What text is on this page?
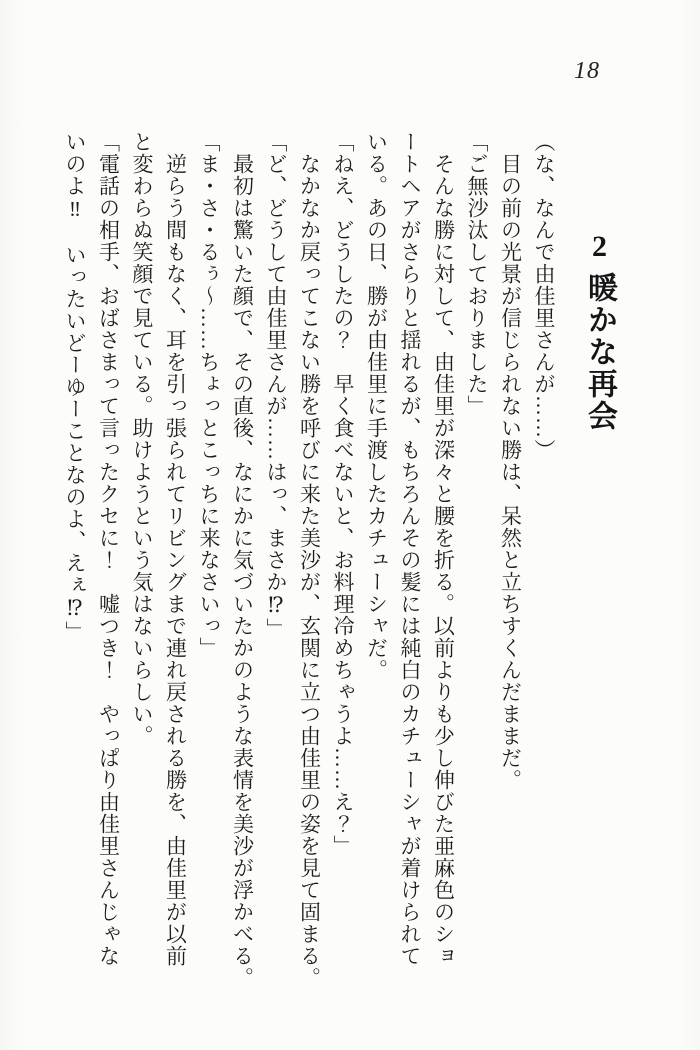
18
2暖かな再会
（な、なんで由佳里さんが……）
　目の前の光景が信じられない勝は、呆然と立ちすくんだままだ。
「ご無沙汰しておりました」
　そんな勝に対して、由佳里が深々と腰を折る。以前よりも少し伸びた亜麻色のショ
ートヘアがさらりと揺れるが、もちろんその髪には純白のカチューシャが着けられて
いる。あの日、勝が由佳里に手渡したカチューシャだ。
「ねえ、どうしたの？　早く食べないと、お料理冷めちゃうよ……え？」
　なかなか戻ってこない勝を呼びに来た美沙が、玄関に立つ由佳里の姿を見て固まる。
「ど、どうして由佳里さんが……はっ、まさか⁉」
　最初は驚いた顔で、その直後、なにかに気づいたかのような表情を美沙が浮かべる。
「ま・さ・るぅ〜……ちょっとこっちに来なさいっ」
　逆らう間もなく、耳を引っ張られてリビングまで連れ戻される勝を、由佳里が以前
と変わらぬ笑顔で見ている。助けようという気はないらしい。
「電話の相手、おばさまって言ったクセに！　嘘つき！　やっぱり由佳里さんじゃな
いのよ‼　いったいどーゆーことなのよ、えぇ⁉」
